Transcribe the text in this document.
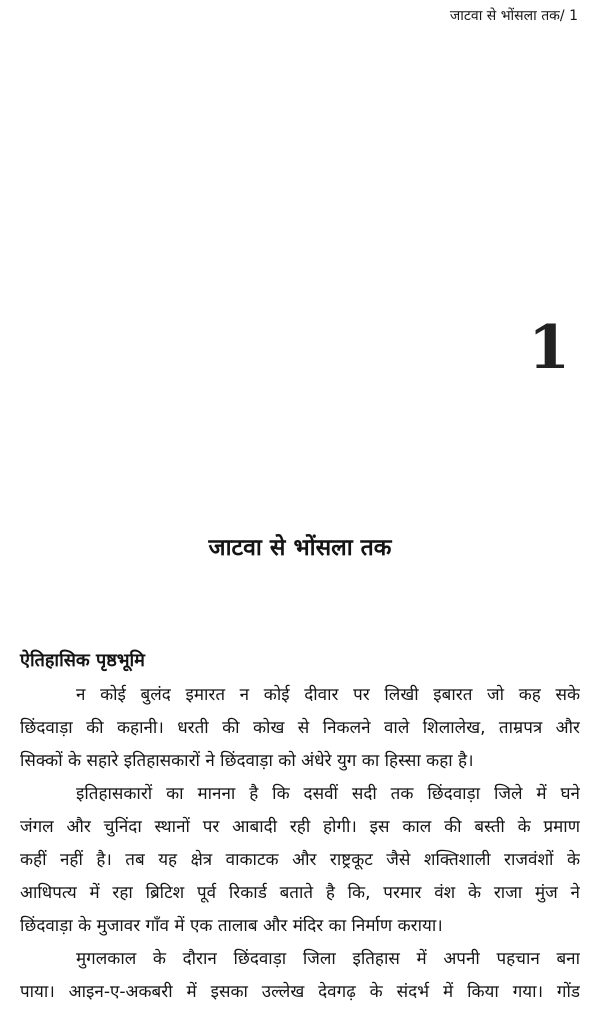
जाटवा से भोंसला तक/ 1
1
जाटवा से भोंसला तक
ऐतिहासिक पृष्ठभूमि
न कोई बुलंद इमारत न कोई दीवार पर लिखी इबारत जो कह सके
छिंदवाड़ा की कहानी। धरती की कोख से निकलने वाले शिलालेख, ताम्रपत्र और
सिक्कों के सहारे इतिहासकारों ने छिंदवाड़ा को अंधेरे युग का हिस्सा कहा है।
इतिहासकारों का मानना है कि दसवीं सदी तक छिंदवाड़ा जिले में घने
जंगल और चुनिंदा स्थानों पर आबादी रही होगी। इस काल की बस्ती के प्रमाण
कहीं नहीं है। तब यह क्षेत्र वाकाटक और राष्ट्रकूट जैसे शक्तिशाली राजवंशों के
आधिपत्य में रहा ब्रिटिश पूर्व रिकार्ड बताते है कि, परमार वंश के राजा मुंज ने
छिंदवाड़ा के मुजावर गाँव में एक तालाब और मंदिर का निर्माण कराया।
मुगलकाल के दौरान छिंदवाड़ा जिला इतिहास में अपनी पहचान बना
पाया। आइन-ए-अकबरी में इसका उल्लेख देवगढ़ के संदर्भ में किया गया। गोंड
